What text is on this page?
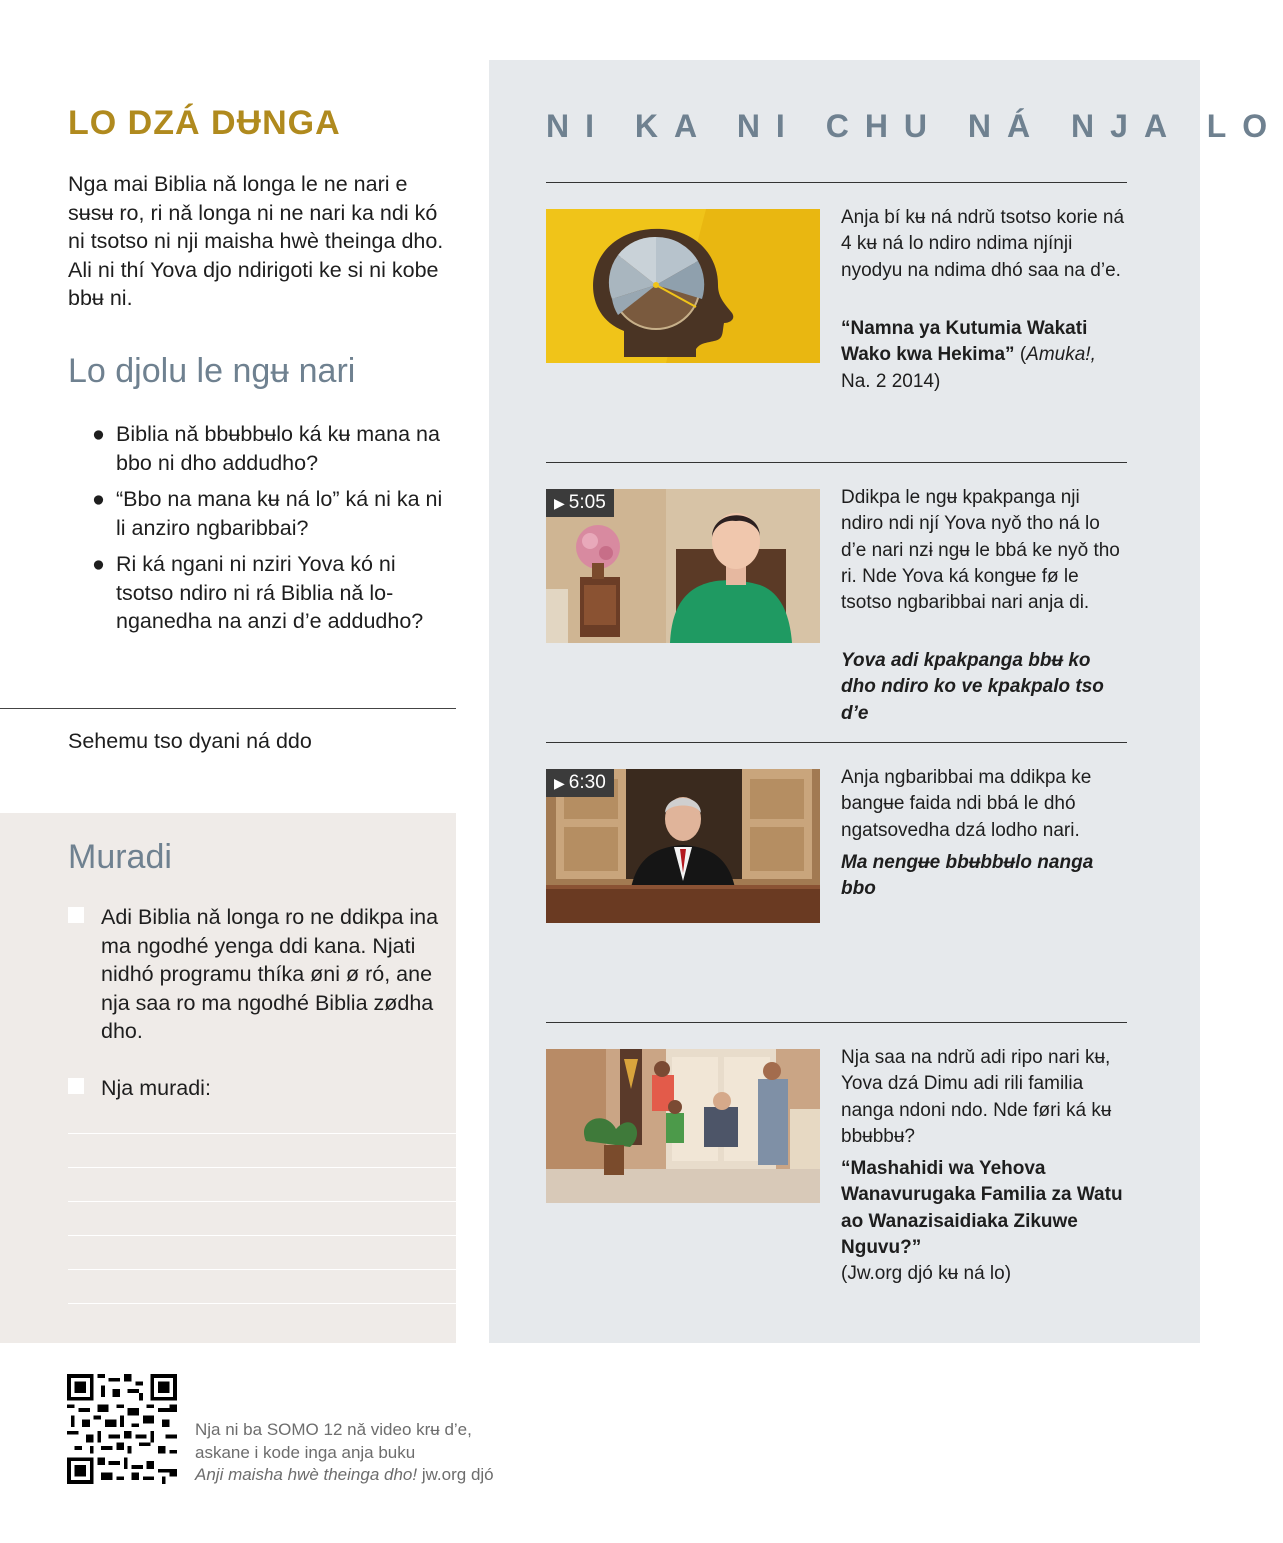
LO DZÁ DɄNGA

Nga mai Biblia nǎ longa le ne nari e sʉsʉ ro, ri nǎ longa ni ne nari ka ndi kó ni tsotso ni nji maisha hwè theinga dho. Ali ni thí Yova djo ndirigoti ke si ni kobe bbʉ ni.

Lo djolu le ngʉ nari
● Biblia nǎ bbʉbbʉlo ká kʉ mana na bbo ni dho addudho?
● “Bbo na mana kʉ ná lo” ká ni ka ni li anziro ngbaribbai?
● Ri ká ngani ni nziri Yova kó ni tsotso ndiro ni rá Biblia nǎ longanedha na anzi d’e addudho?

Sehemu tso dyani ná ddo

Muradi
Adi Biblia nǎ longa ro ne ddikpa ina ma ngodhé yenga ddi kana. Njati nidhó programu thíka øni ø ró, ane nja saa ro ma ngodhé Biblia zødha dho.
Nja muradi:
NI KA NI CHU NÁ NJA LO

Anja bí kʉ ná ndrǔ tsotso korie ná 4 kʉ ná lo ndiro ndima njínji nyodyu na ndima dhó saa na d’e.

“Namna ya Kutumia Wakati Wako kwa Hekima” (Amuka!, Na. 2 2014)

▶ 5:05	Ddikpa le ngʉ kpakpanga nji ndiro ndi njí Yova nyǒ tho ná lo d’e nari nzɨ ngʉ le bbá ke nyǒ tho ri. Nde Yova ká kongʉe fø le tsotso ngbaribbai nari anja di.

Yova adi kpakpanga bbʉ ko dho ndiro ko ve kpakpalo tso d’e

▶ 6:30	Anja ngbaribbai ma ddikpa ke bangʉe faida ndi bbá le dhó ngatsovedha dzá lodho nari.

Ma nengʉe bbʉbbʉlo nanga bbo

Nja saa na ndrǔ adi ripo nari kʉ, Yova dzá Dimu adi rili familia nanga ndoni ndo. Nde føri ká kʉ bbʉbbʉ?

“Mashahidi wa Yehova Wanavurugaka Familia za Watu ao Wanazisaidiaka Zikuwe Nguvu?”

(Jw.org djó kʉ ná lo)

Nja ni ba SOMO 12 nǎ video krʉ d’e,
askane i kode inga anja buku
Anji maisha hwè theinga dho! jw.org djó
